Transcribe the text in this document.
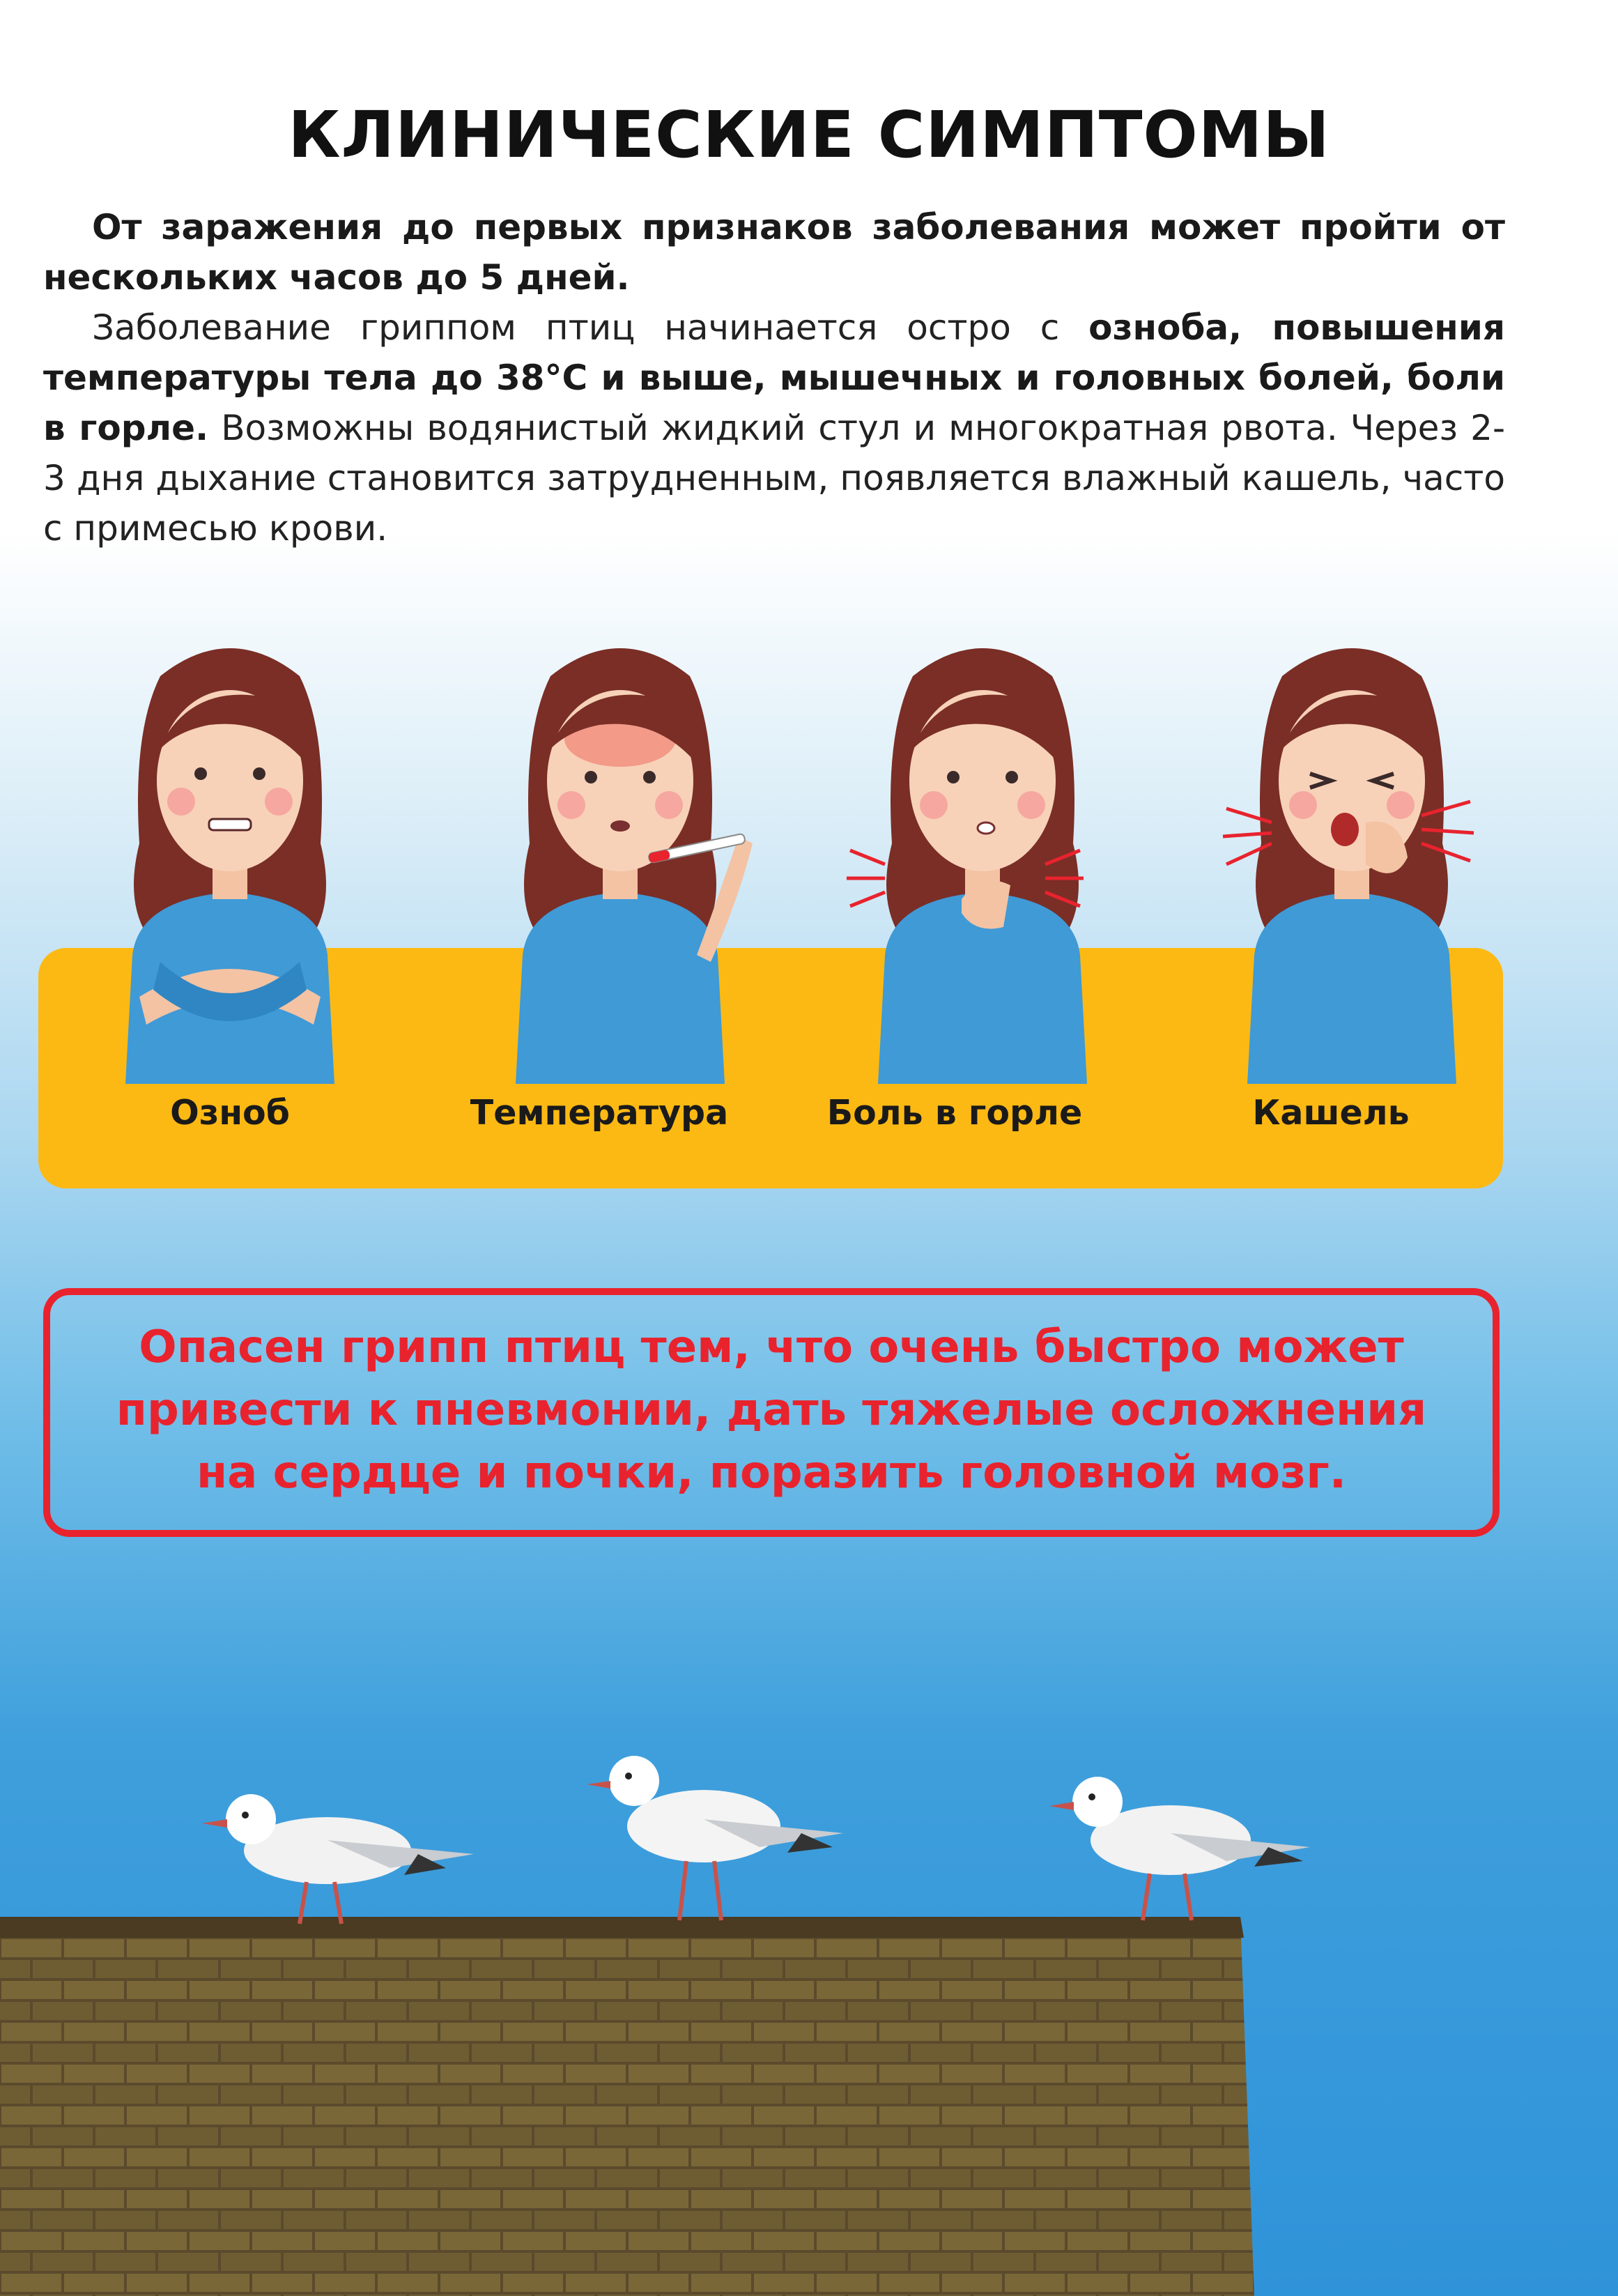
КЛИНИЧЕСКИЕ СИМПТОМЫ

От заражения до первых признаков заболевания может пройти от нескольких часов до 5 дней.

Заболевание гриппом птиц начинается остро с озноба, повышения температуры тела до 38°С и выше, мышечных и головных болей, боли в горле. Возможны водянистый жидкий стул и многократная рвота. Через 2-3 дня дыхание становится затрудненным, появляется влажный кашель, часто с примесью крови.

Озноб	Температура	Боль в горле	Кашель
Опасен грипп птиц тем, что очень быстро может
привести к пневмонии, дать тяжелые осложнения
на сердце и почки, поразить головной мозг.
